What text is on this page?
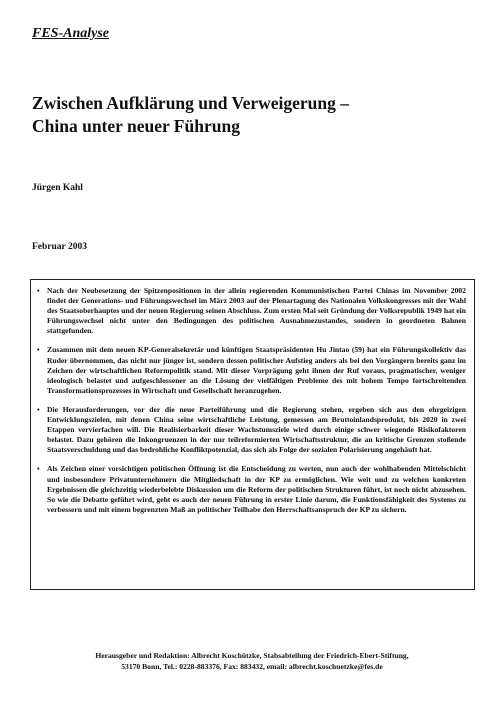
FES-Analyse

Zwischen Aufklärung und Verweigerung –
China unter neuer Führung

Jürgen Kahl

Februar 2003

• Nach der Neubesetzung der Spitzenpositionen in der allein regierenden Kommunistischen Partei Chinas im November 2002 findet der Generations- und Führungswechsel im März 2003 auf der Plenartagung des Nationalen Volkskongresses mit der Wahl des Staatsoberhauptes und der neuen Regierung seinen Abschluss. Zum ersten Mal seit Gründung der Volksrepublik 1949 hat ein Führungswechsel nicht unter den Bedingungen des politischen Ausnahmezustandes, sondern in geordneten Bahnen stattgefunden.
• Zusammen mit dem neuen KP-Generalsekretär und künftigen Staatspräsidenten Hu Jintao (59) hat ein Führungskollektiv das Ruder übernommen, das nicht nur jünger ist, sondern dessen politischer Aufstieg anders als bei den Vorgängern bereits ganz im Zeichen der wirtschaftlichen Reformpolitik stand. Mit dieser Vorprägung geht ihnen der Ruf voraus, pragmatischer, weniger ideologisch belastet und aufgeschlossener an die Lösung der vielfältigen Probleme des mit hohem Tempo fortschreitenden Transformationsprozesses in Wirtschaft und Gesellschaft heranzugehen.
• Die Herausforderungen, vor der die neue Parteiführung und die Regierung stehen, ergeben sich aus den ehrgeizigen Entwicklungszielen, mit denen China seine wirtschaftliche Leistung, gemessen am Bruttoinlandsprodukt, bis 2020 in zwei Etappen vervierfachen will. Die Realisierbarkeit dieser Wachstumsziele wird durch einige schwer wiegende Risikofaktoren belastet. Dazu gehören die Inkongruenzen in der nur teilreformierten Wirtschaftsstruktur, die an kritische Grenzen stoßende Staatsverschuldung und das bedrohliche Konfliktpotenzial, das sich als Folge der sozialen Polarisierung angehäuft hat.
• Als Zeichen einer vorsichtigen politischen Öffnung ist die Entscheidung zu werten, nun auch der wohlhabenden Mittelschicht und insbesondere Privatunternehmern die Mitgliedschaft in der KP zu ermöglichen. Wie weit und zu welchen konkreten Ergebnissen die gleichzeitig wiederbelebte Diskussion um die Reform der politischen Strukturen führt, ist noch nicht abzusehen. So wie die Debatte geführt wird, geht es auch der neuen Führung in erster Linie darum, die Funktionsfähigkeit des Systems zu verbessern und mit einem begrenzten Maß an politischer Teilhabe den Herrschaftsanspruch der KP zu sichern.

Herausgeber und Redaktion: Albrecht Koschützke, Stabsabteilung der Friedrich-Ebert-Stiftung,
53170 Bonn, Tel.: 0228-883376, Fax: 883432, email: albrecht.koschuetzke@fes.de
